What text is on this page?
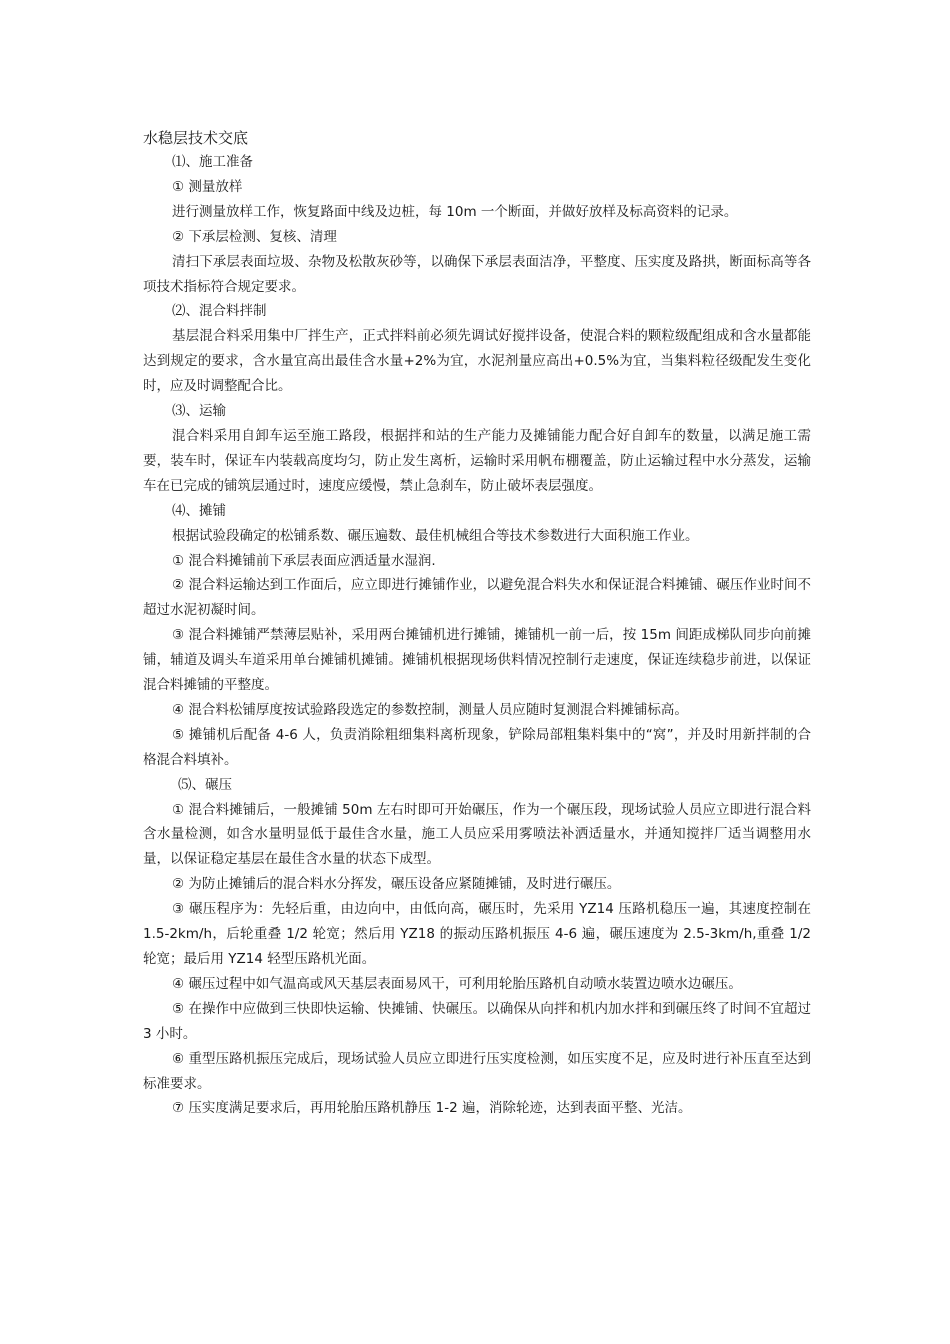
水稳层技术交底

⑴、施工准备

① 测量放样

进行测量放样工作，恢复路面中线及边桩，每 10m 一个断面，并做好放样及标高资料的记录。

② 下承层检测、复核、清理

清扫下承层表面垃圾、杂物及松散灰砂等，以确保下承层表面洁净，平整度、压实度及路拱，断面标高等各项技术指标符合规定要求。

⑵、混合料拌制

基层混合料采用集中厂拌生产，正式拌料前必须先调试好搅拌设备，使混合料的颗粒级配组成和含水量都能达到规定的要求，含水量宜高出最佳含水量+2%为宜，水泥剂量应高出+0.5%为宜，当集料粒径级配发生变化时，应及时调整配合比。

⑶、运输

混合料采用自卸车运至施工路段，根据拌和站的生产能力及摊铺能力配合好自卸车的数量，以满足施工需要，装车时，保证车内装载高度均匀，防止发生离析，运输时采用帆布棚覆盖，防止运输过程中水分蒸发，运输车在已完成的铺筑层通过时，速度应缓慢，禁止急刹车，防止破坏表层强度。

⑷、摊铺

根据试验段确定的松铺系数、碾压遍数、最佳机械组合等技术参数进行大面积施工作业。

① 混合料摊铺前下承层表面应洒适量水湿润.

② 混合料运输达到工作面后，应立即进行摊铺作业，以避免混合料失水和保证混合料摊铺、碾压作业时间不超过水泥初凝时间。

③ 混合料摊铺严禁薄层贴补，采用两台摊铺机进行摊铺，摊铺机一前一后，按 15m 间距成梯队同步向前摊铺，辅道及调头车道采用单台摊铺机摊铺。摊铺机根据现场供料情况控制行走速度，保证连续稳步前进，以保证混合料摊铺的平整度。

④ 混合料松铺厚度按试验路段选定的参数控制，测量人员应随时复测混合料摊铺标高。

⑤ 摊铺机后配备 4-6 人，负责消除粗细集料离析现象，铲除局部粗集料集中的“窝”，并及时用新拌制的合格混合料填补。

⑸、碾压

① 混合料摊铺后，一般摊铺 50m 左右时即可开始碾压，作为一个碾压段，现场试验人员应立即进行混合料含水量检测，如含水量明显低于最佳含水量，施工人员应采用雾喷法补洒适量水，并通知搅拌厂适当调整用水量，以保证稳定基层在最佳含水量的状态下成型。

② 为防止摊铺后的混合料水分挥发，碾压设备应紧随摊铺，及时进行碾压。

③ 碾压程序为：先轻后重，由边向中，由低向高，碾压时，先采用 YZ14 压路机稳压一遍，其速度控制在 1.5-2km/h，后轮重叠 1/2 轮宽；然后用 YZ18 的振动压路机振压 4-6 遍，碾压速度为 2.5-3km/h,重叠 1/2 轮宽；最后用 YZ14 轻型压路机光面。

④ 碾压过程中如气温高或风天基层表面易风干，可利用轮胎压路机自动喷水装置边喷水边碾压。

⑤ 在操作中应做到三快即快运输、快摊铺、快碾压。以确保从向拌和机内加水拌和到碾压终了时间不宜超过 3 小时。

⑥ 重型压路机振压完成后，现场试验人员应立即进行压实度检测，如压实度不足，应及时进行补压直至达到标准要求。

⑦ 压实度满足要求后，再用轮胎压路机静压 1-2 遍，消除轮迹，达到表面平整、光洁。
